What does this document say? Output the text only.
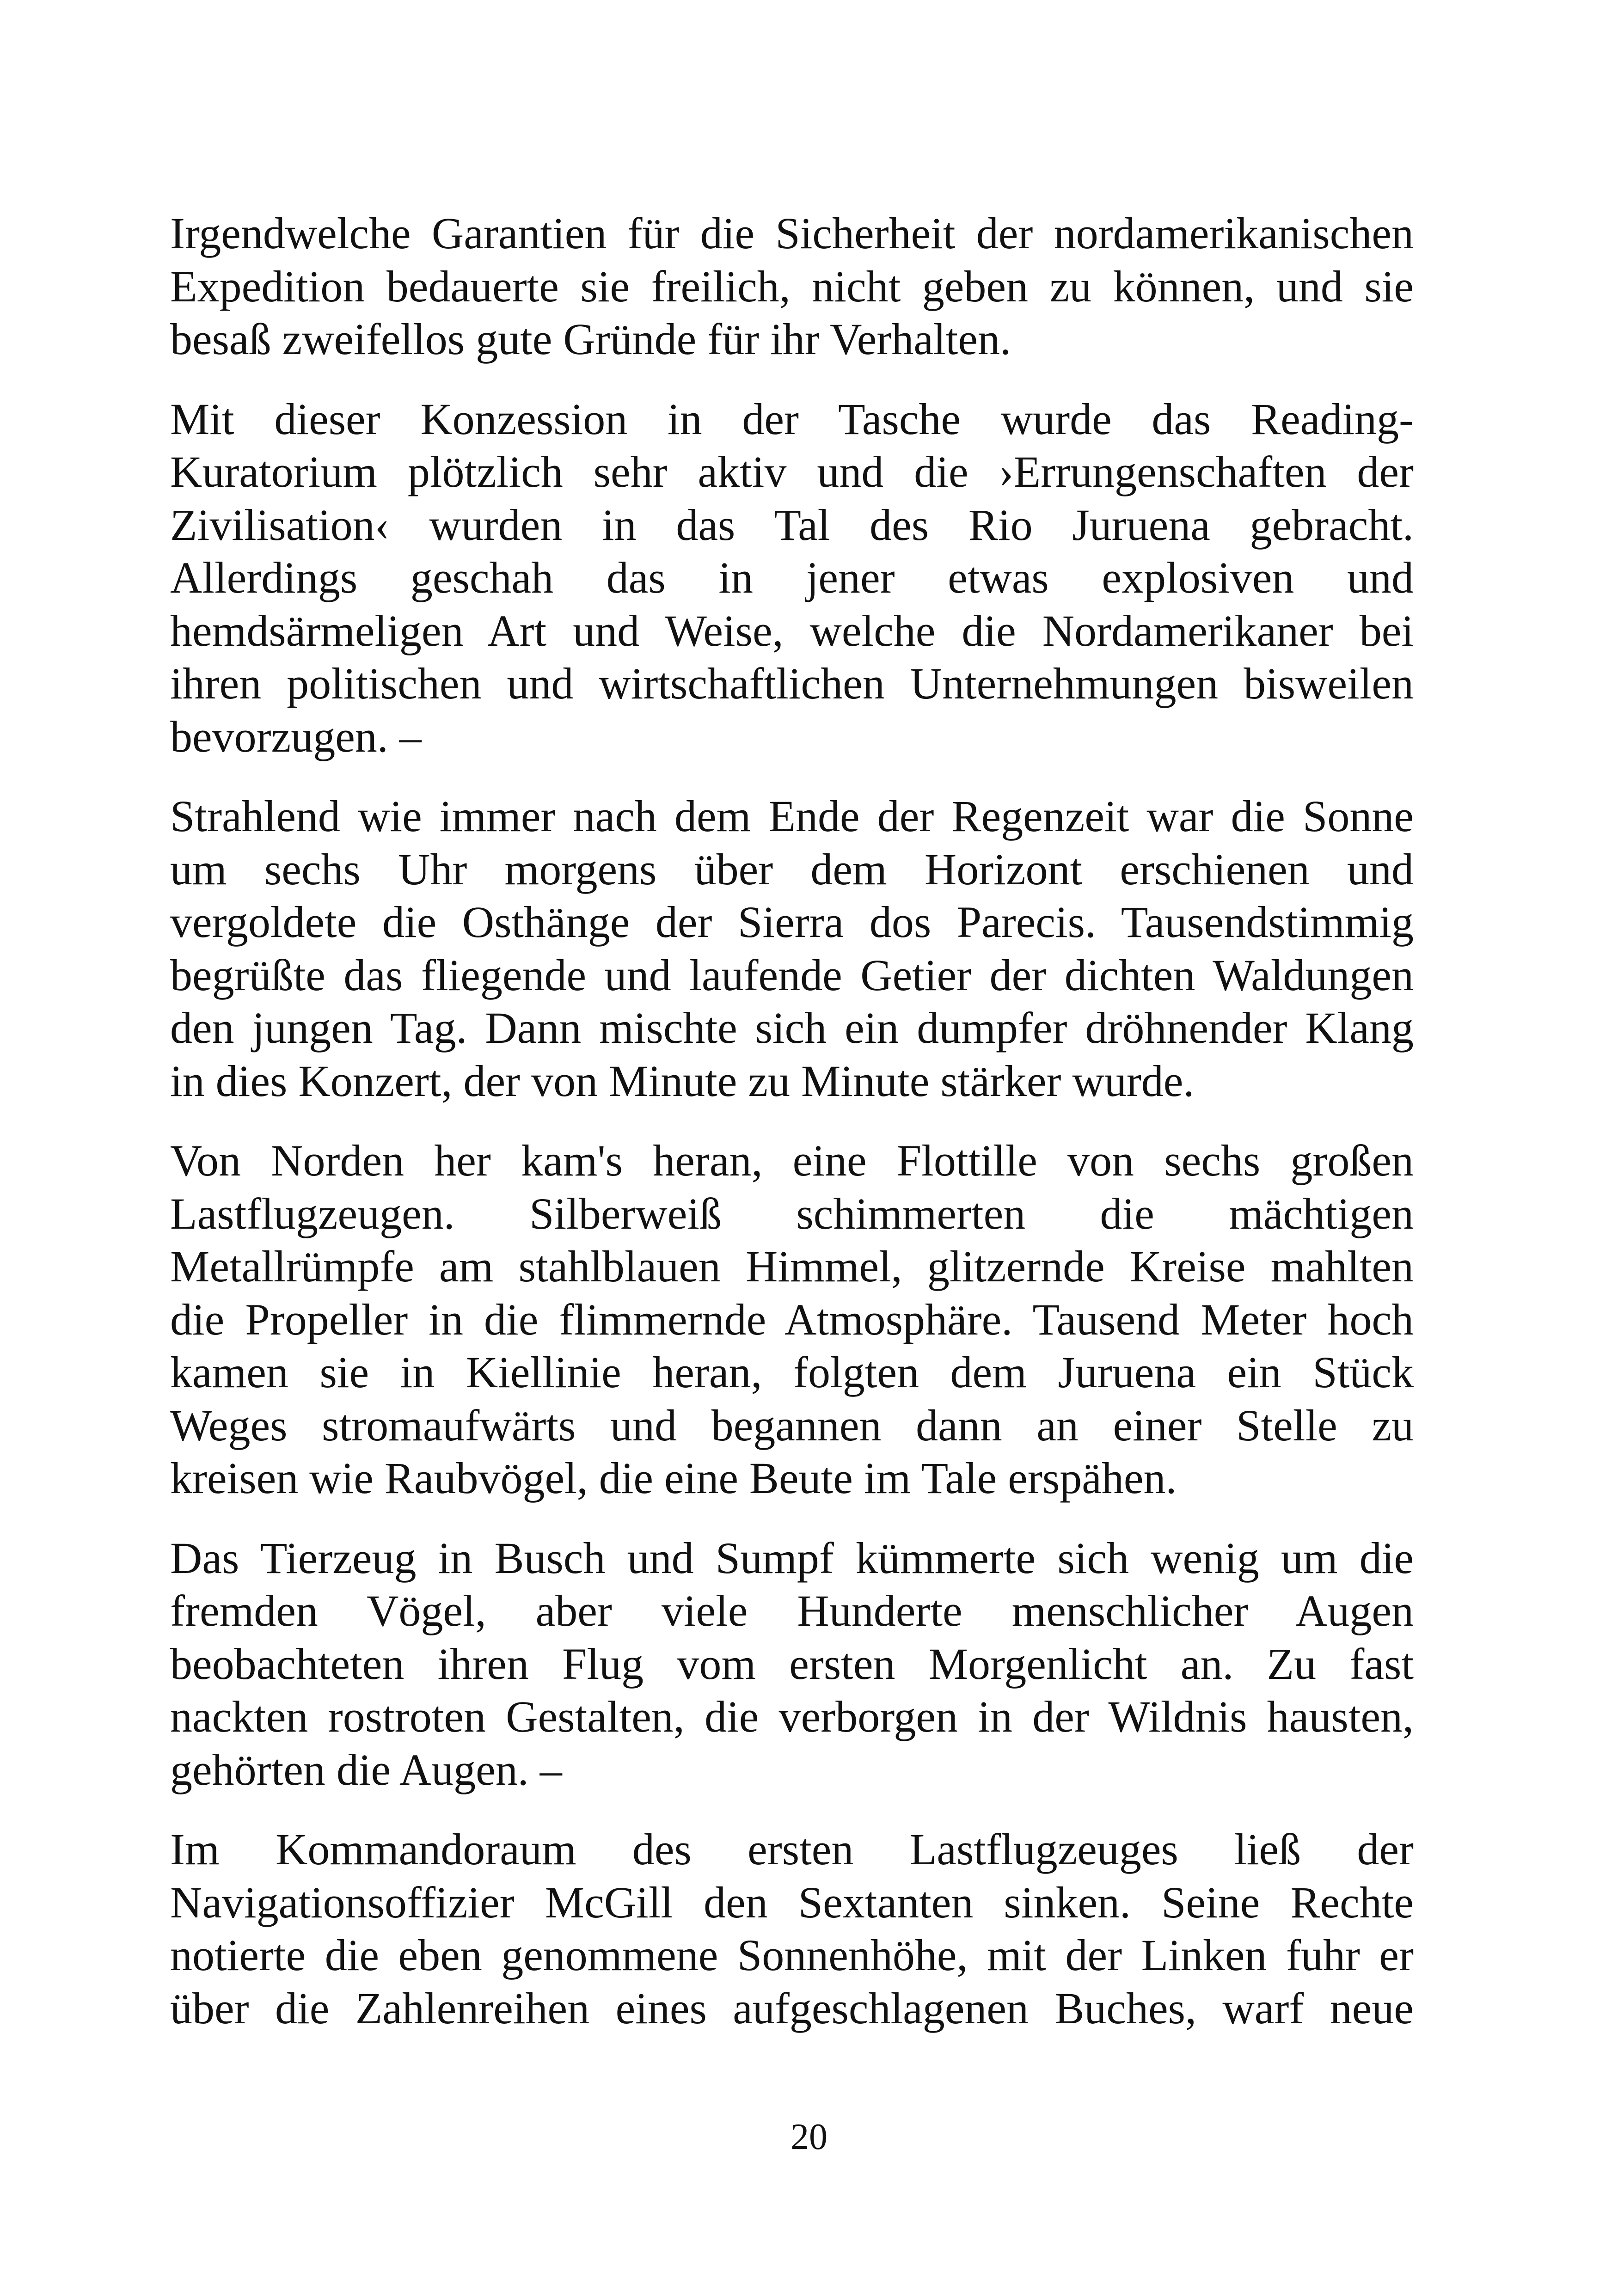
Irgendwelche Garantien für die Sicherheit der nordamerikanischen
Expedition bedauerte sie freilich, nicht geben zu können, und sie
besaß zweifellos gute Gründe für ihr Verhalten.
Mit dieser Konzession in der Tasche wurde das Reading-
Kuratorium plötzlich sehr aktiv und die ›Errungenschaften der
Zivilisation‹ wurden in das Tal des Rio Juruena gebracht.
Allerdings geschah das in jener etwas explosiven und
hemdsärmeligen Art und Weise, welche die Nordamerikaner bei
ihren politischen und wirtschaftlichen Unternehmungen bisweilen
bevorzugen. –
Strahlend wie immer nach dem Ende der Regenzeit war die Sonne
um sechs Uhr morgens über dem Horizont erschienen und
vergoldete die Osthänge der Sierra dos Parecis. Tausendstimmig
begrüßte das fliegende und laufende Getier der dichten Waldungen
den jungen Tag. Dann mischte sich ein dumpfer dröhnender Klang
in dies Konzert, der von Minute zu Minute stärker wurde.
Von Norden her kam's heran, eine Flottille von sechs großen
Lastflugzeugen. Silberweiß schimmerten die mächtigen
Metallrümpfe am stahlblauen Himmel, glitzernde Kreise mahlten
die Propeller in die flimmernde Atmosphäre. Tausend Meter hoch
kamen sie in Kiellinie heran, folgten dem Juruena ein Stück
Weges stromaufwärts und begannen dann an einer Stelle zu
kreisen wie Raubvögel, die eine Beute im Tale erspähen.
Das Tierzeug in Busch und Sumpf kümmerte sich wenig um die
fremden Vögel, aber viele Hunderte menschlicher Augen
beobachteten ihren Flug vom ersten Morgenlicht an. Zu fast
nackten rostroten Gestalten, die verborgen in der Wildnis hausten,
gehörten die Augen. –
Im Kommandoraum des ersten Lastflugzeuges ließ der
Navigationsoffizier McGill den Sextanten sinken. Seine Rechte
notierte die eben genommene Sonnenhöhe, mit der Linken fuhr er
über die Zahlenreihen eines aufgeschlagenen Buches, warf neue
20
